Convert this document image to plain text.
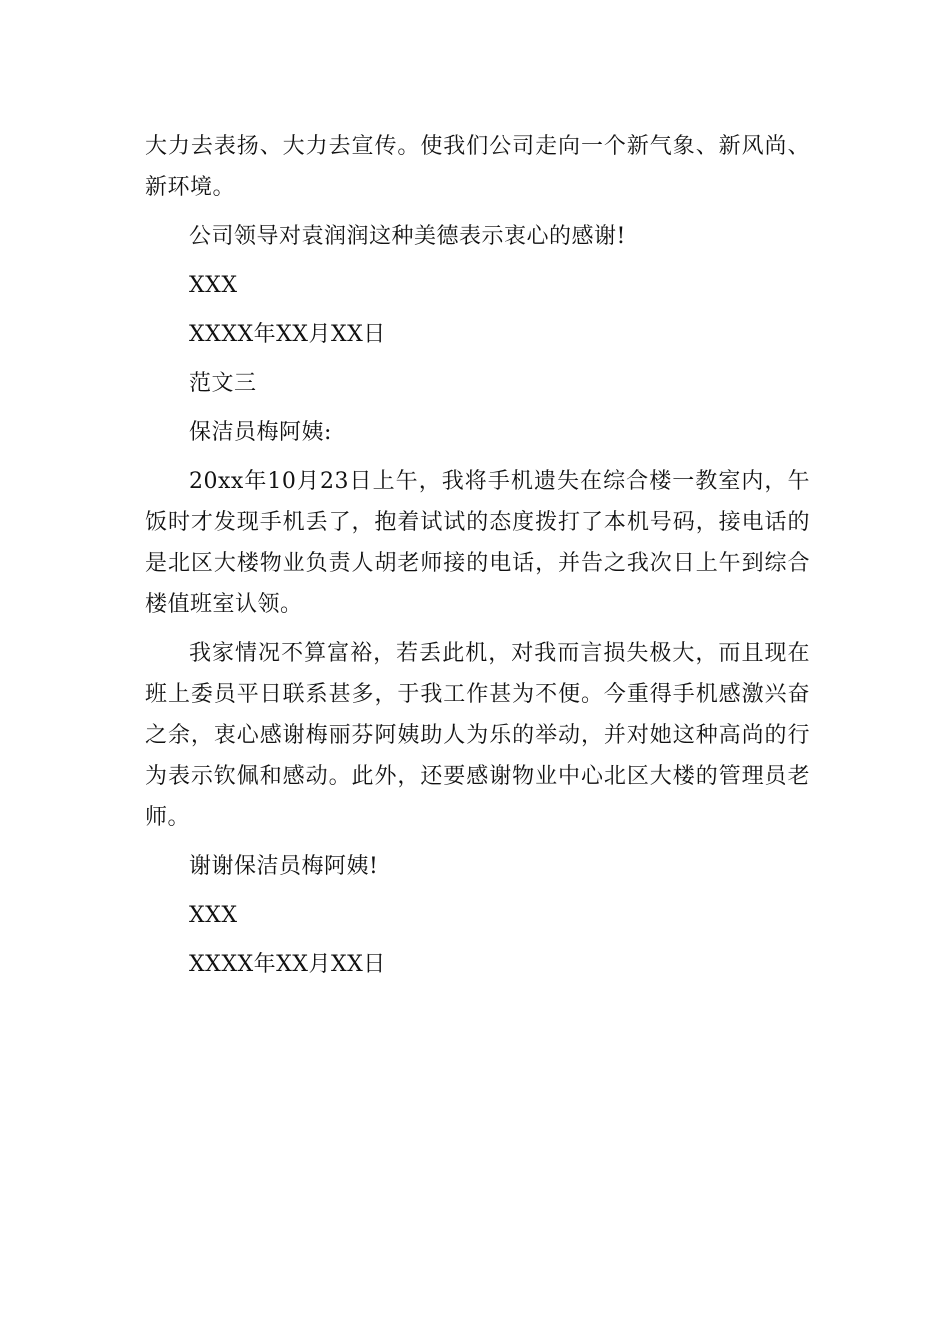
大力去表扬、大力去宣传。使我们公司走向一个新气象、新风尚、新环境。

公司领导对袁润润这种美德表示衷心的感谢!

XXX

XXXX年XX月XX日

范文三

保洁员梅阿姨:

20xx年10月23日上午，我将手机遗失在综合楼一教室内，午饭时才发现手机丢了，抱着试试的态度拨打了本机号码，接电话的是北区大楼物业负责人胡老师接的电话，并告之我次日上午到综合楼值班室认领。

我家情况不算富裕，若丢此机，对我而言损失极大，而且现在班上委员平日联系甚多，于我工作甚为不便。今重得手机感激兴奋之余，衷心感谢梅丽芬阿姨助人为乐的举动，并对她这种高尚的行为表示钦佩和感动。此外，还要感谢物业中心北区大楼的管理员老师。

谢谢保洁员梅阿姨!

XXX

XXXX年XX月XX日
